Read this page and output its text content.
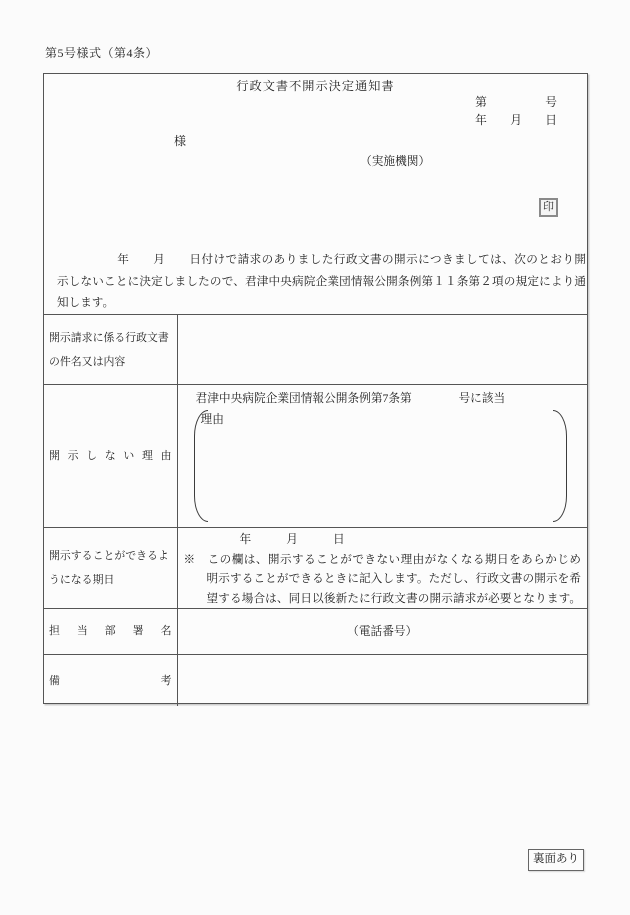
第5号様式（第4条）
行政文書不開示決定通知書
第　　　　　号
年　　月　　日
様
（実施機関）
印
　　　　　年　　月　　日付けで請求のありました行政文書の開示につきましては、次のとおり開
示しないことに決定しましたので、君津中央病院企業団情報公開条例第１１条第２項の規定により通
知します。
開示請求に係る行政文書の件名又は内容	

開示しない理由	君津中央病院企業団情報公開条例第7条第　　　　号に該当
理由

開示することができるようになる期日	年　　　月　　　日
※　この欄は、開示することができない理由がなくなる期日をあらかじめ
明示することができるときに記入します。ただし、行政文書の開示を希
望する場合は、同日以後新たに行政文書の開示請求が必要となります。

担当部署名	（電話番号）

備考	

裏面あり
